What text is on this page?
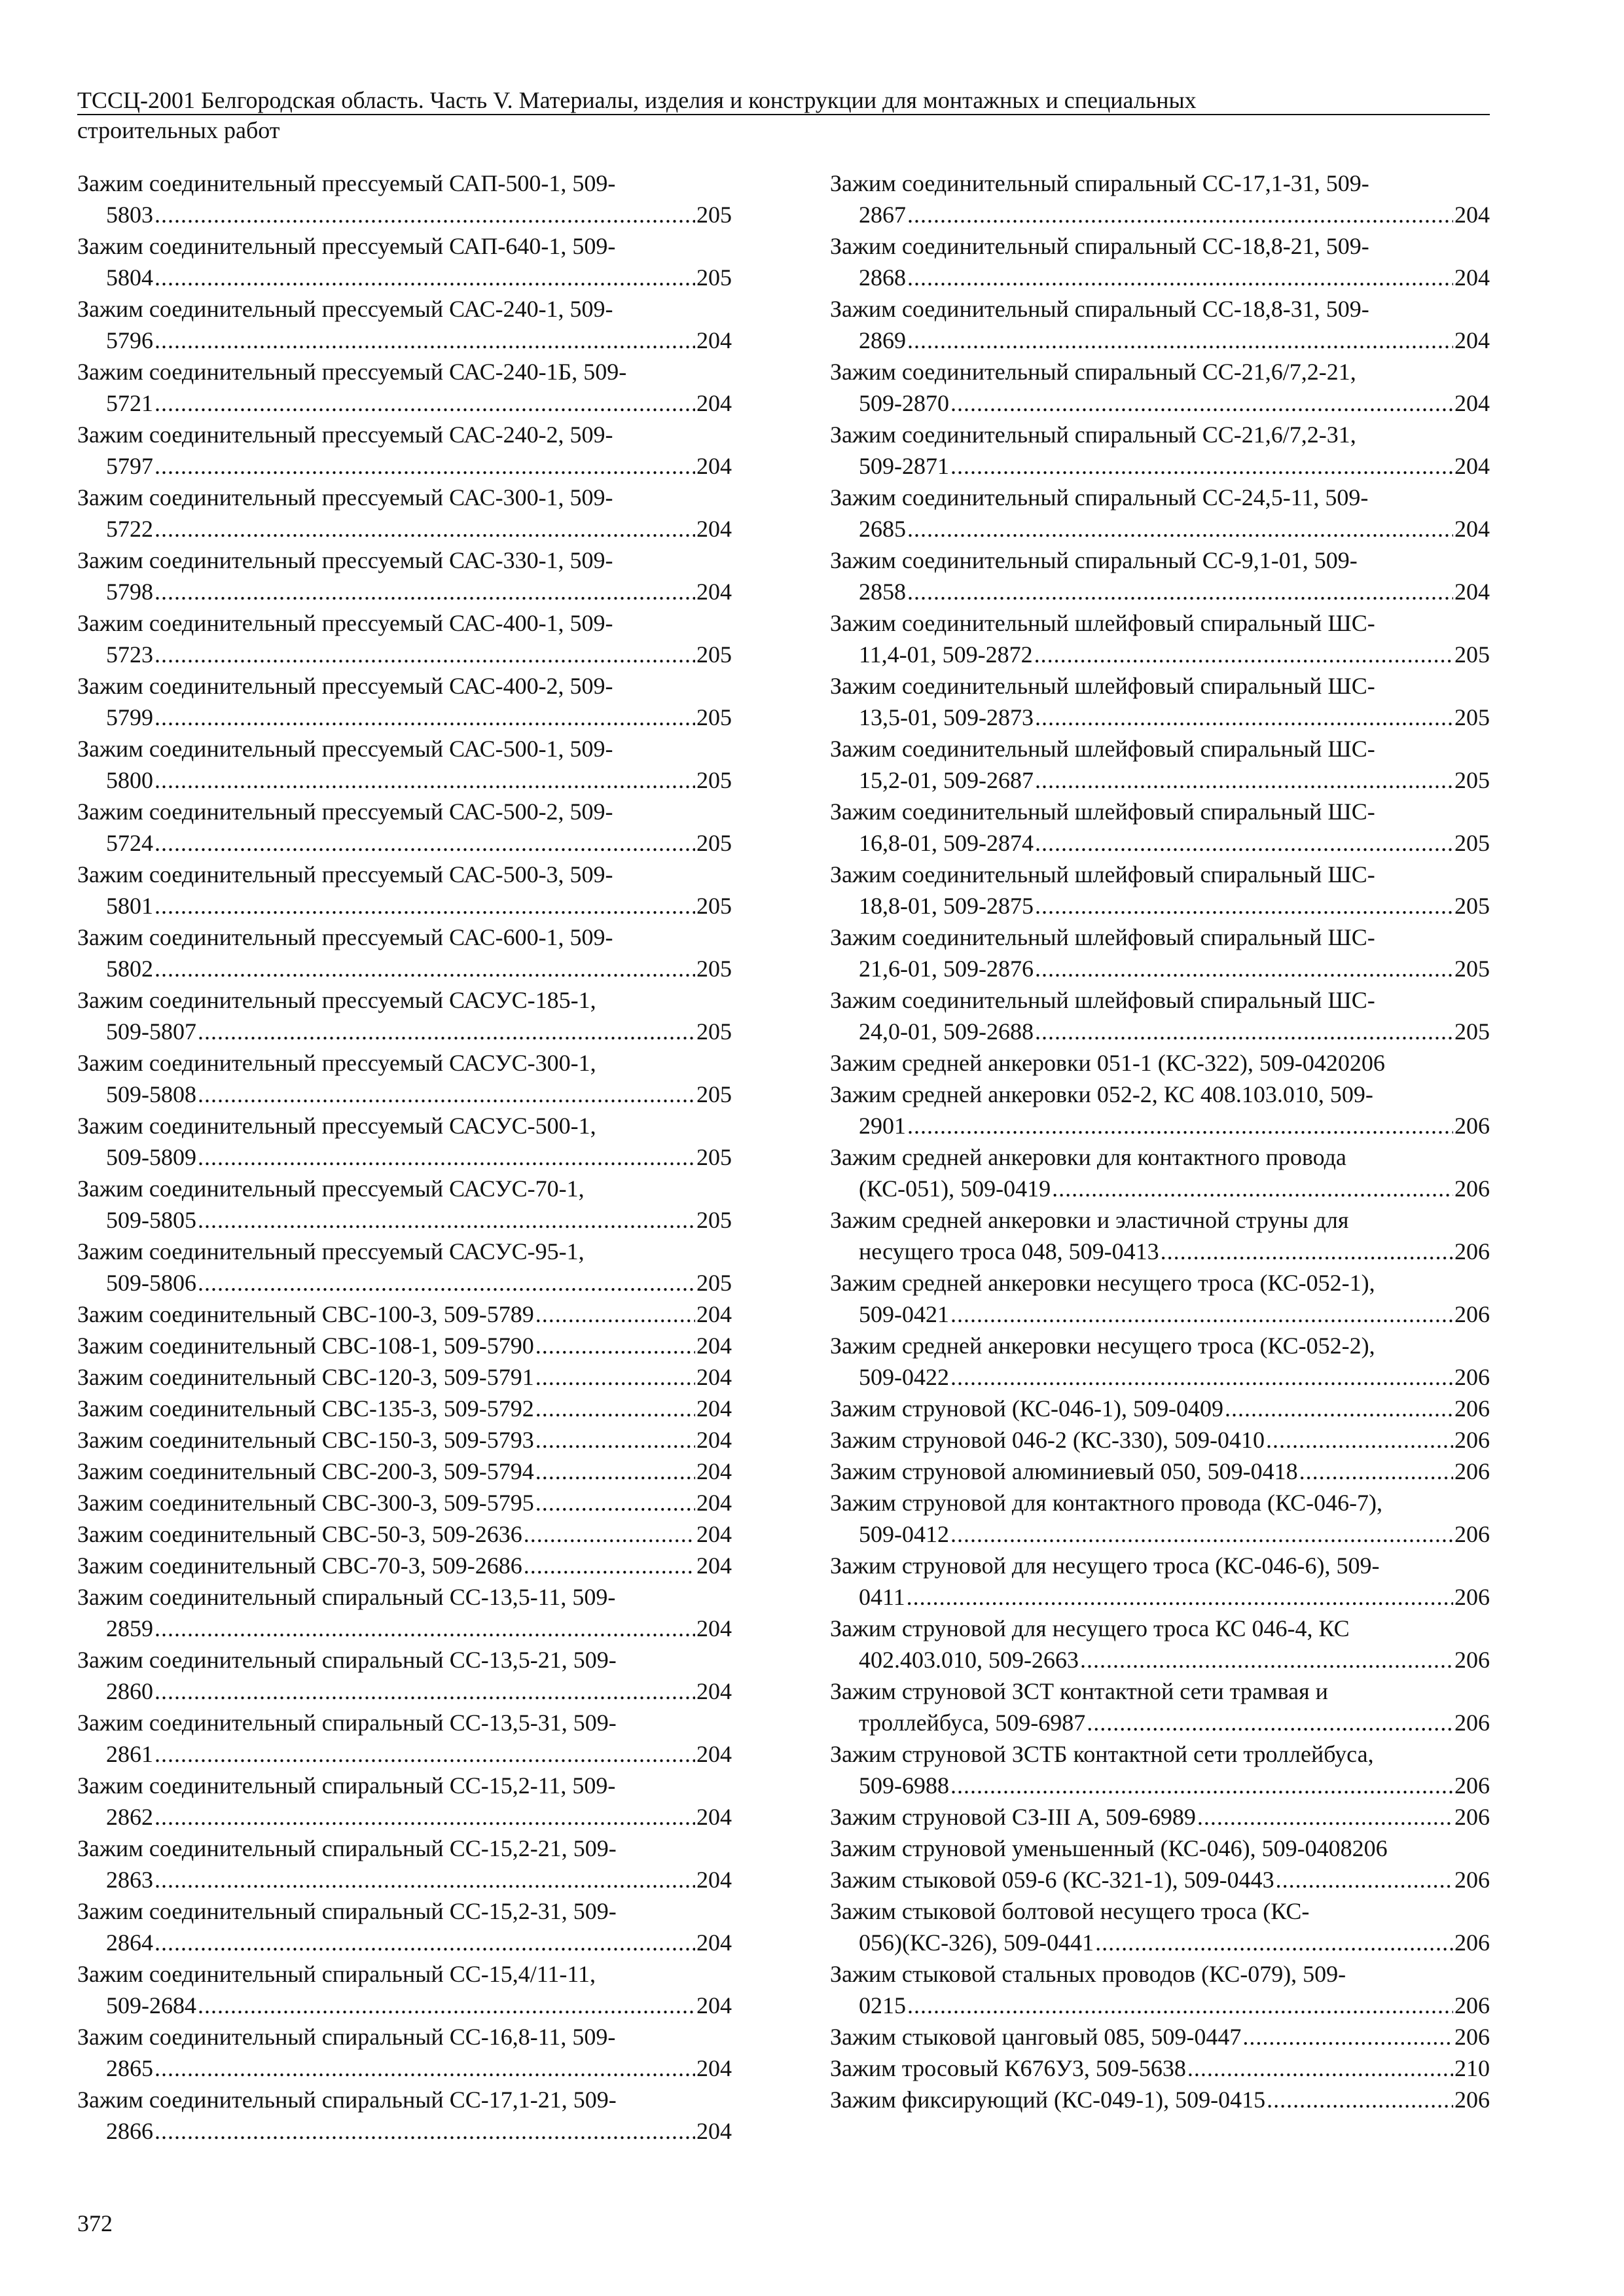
ТССЦ-2001 Белгородская область. Часть V. Материалы, изделия и конструкции для монтажных и специальных
строительных работ
Зажим соединительный прессуемый САП-500-1, 509-
5803 .....	205
Зажим соединительный прессуемый САП-640-1, 509-
5804 .....	205
Зажим соединительный прессуемый САС-240-1, 509-
5796 .....	204
Зажим соединительный прессуемый САС-240-1Б, 509-
5721 .....	204
Зажим соединительный прессуемый САС-240-2, 509-
5797 .....	204
Зажим соединительный прессуемый САС-300-1, 509-
5722 .....	204
Зажим соединительный прессуемый САС-330-1, 509-
5798 .....	204
Зажим соединительный прессуемый САС-400-1, 509-
5723 .....	205
Зажим соединительный прессуемый САС-400-2, 509-
5799 .....	205
Зажим соединительный прессуемый САС-500-1, 509-
5800 .....	205
Зажим соединительный прессуемый САС-500-2, 509-
5724 .....	205
Зажим соединительный прессуемый САС-500-3, 509-
5801 .....	205
Зажим соединительный прессуемый САС-600-1, 509-
5802 .....	205
Зажим соединительный прессуемый САСУС-185-1,
509-5807 .....	205
Зажим соединительный прессуемый САСУС-300-1,
509-5808 .....	205
Зажим соединительный прессуемый САСУС-500-1,
509-5809 .....	205
Зажим соединительный прессуемый САСУС-70-1,
509-5805 .....	205
Зажим соединительный прессуемый САСУС-95-1,
509-5806 .....	205
Зажим соединительный СВС-100-3, 509-5789 .....	204
Зажим соединительный СВС-108-1, 509-5790 .....	204
Зажим соединительный СВС-120-3, 509-5791 .....	204
Зажим соединительный СВС-135-3, 509-5792 .....	204
Зажим соединительный СВС-150-3, 509-5793 .....	204
Зажим соединительный СВС-200-3, 509-5794 .....	204
Зажим соединительный СВС-300-3, 509-5795 .....	204
Зажим соединительный СВС-50-3, 509-2636 .....	204
Зажим соединительный СВС-70-3, 509-2686 .....	204
Зажим соединительный спиральный СС-13,5-11, 509-
2859 .....	204
Зажим соединительный спиральный СС-13,5-21, 509-
2860 .....	204
Зажим соединительный спиральный СС-13,5-31, 509-
2861 .....	204
Зажим соединительный спиральный СС-15,2-11, 509-
2862 .....	204
Зажим соединительный спиральный СС-15,2-21, 509-
2863 .....	204
Зажим соединительный спиральный СС-15,2-31, 509-
2864 .....	204
Зажим соединительный спиральный СС-15,4/11-11,
509-2684 .....	204
Зажим соединительный спиральный СС-16,8-11, 509-
2865 .....	204
Зажим соединительный спиральный СС-17,1-21, 509-
2866 .....	204
Зажим соединительный спиральный СС-17,1-31, 509-
2867 .....	204
Зажим соединительный спиральный СС-18,8-21, 509-
2868 .....	204
Зажим соединительный спиральный СС-18,8-31, 509-
2869 .....	204
Зажим соединительный спиральный СС-21,6/7,2-21,
509-2870 .....	204
Зажим соединительный спиральный СС-21,6/7,2-31,
509-2871 .....	204
Зажим соединительный спиральный СС-24,5-11, 509-
2685 .....	204
Зажим соединительный спиральный СС-9,1-01, 509-
2858 .....	204
Зажим соединительный шлейфовый спиральный ШС-
11,4-01, 509-2872 .....	205
Зажим соединительный шлейфовый спиральный ШС-
13,5-01, 509-2873 .....	205
Зажим соединительный шлейфовый спиральный ШС-
15,2-01, 509-2687 .....	205
Зажим соединительный шлейфовый спиральный ШС-
16,8-01, 509-2874 .....	205
Зажим соединительный шлейфовый спиральный ШС-
18,8-01, 509-2875 .....	205
Зажим соединительный шлейфовый спиральный ШС-
21,6-01, 509-2876 .....	205
Зажим соединительный шлейфовый спиральный ШС-
24,0-01, 509-2688 .....	205
Зажим средней анкеровки 051-1 (КС-322), 509-0420 206
Зажим средней анкеровки 052-2, КС 408.103.010, 509-
2901 .....	206
Зажим средней анкеровки для контактного провода
(КС-051), 509-0419 .....	206
Зажим средней анкеровки и эластичной струны для
несущего троса 048, 509-0413 .....	206
Зажим средней анкеровки несущего троса (КС-052-1),
509-0421 .....	206
Зажим средней анкеровки несущего троса (КС-052-2),
509-0422 .....	206
Зажим струновой (КС-046-1), 509-0409 .....	206
Зажим струновой 046-2 (КС-330), 509-0410 .....	206
Зажим струновой алюминиевый 050, 509-0418 .....	206
Зажим струновой для контактного провода (КС-046-7),
509-0412 .....	206
Зажим струновой для несущего троса (КС-046-6), 509-
0411 .....	206
Зажим струновой для несущего троса КС 046-4, КС
402.403.010, 509-2663 .....	206
Зажим струновой ЗСТ контактной сети трамвая и
троллейбуса, 509-6987 .....	206
Зажим струновой ЗСТБ контактной сети троллейбуса,
509-6988 .....	206
Зажим струновой СЗ-III А, 509-6989 .....	206
Зажим струновой уменьшенный (КС-046), 509-0408 206
Зажим стыковой 059-6 (КС-321-1), 509-0443 .....	206
Зажим стыковой болтовой несущего троса (КС-
056)(КС-326), 509-0441 .....	206
Зажим стыковой стальных проводов (КС-079), 509-
0215 .....	206
Зажим стыковой цанговый 085, 509-0447 .....	206
Зажим тросовый К676У3, 509-5638 .....	210
Зажим фиксирующий (КС-049-1), 509-0415 .....	206
372
